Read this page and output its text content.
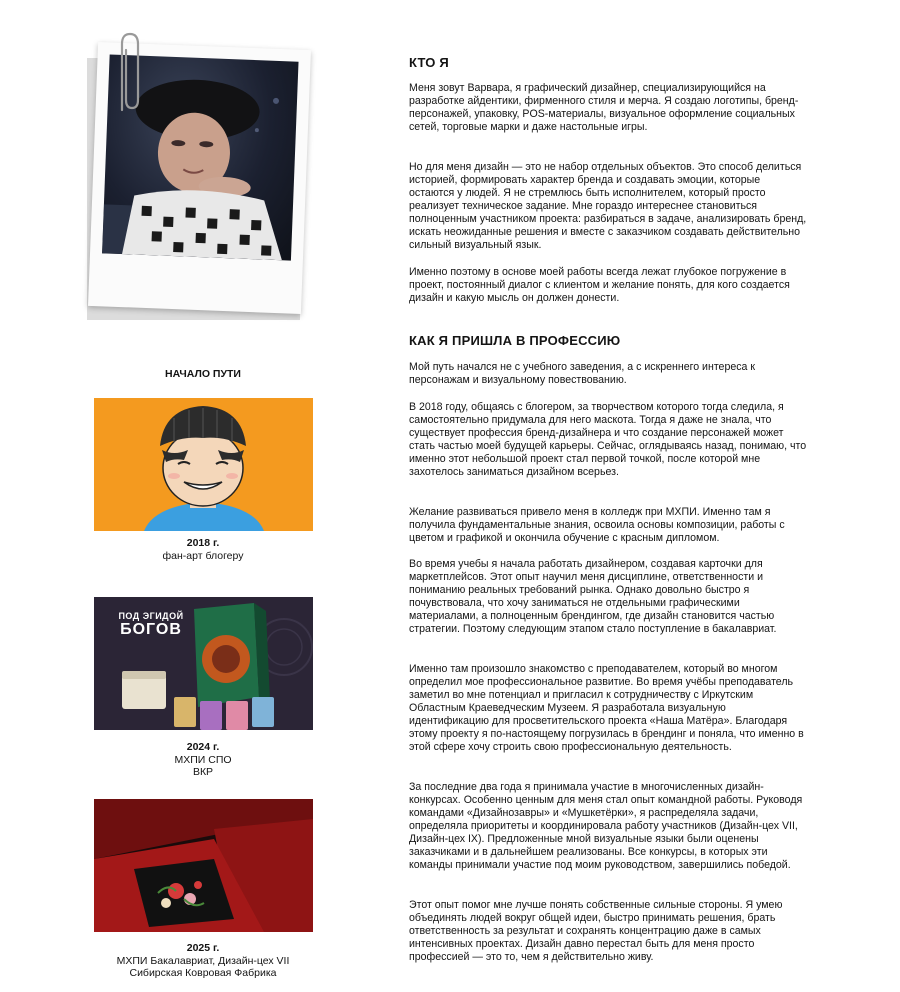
КТО Я

Меня зовут Варвара, я графический дизайнер, специализирующийся на разработке айдентики, фирменного стиля и мерча. Я создаю логотипы, бренд-персонажей, упаковку, POS-материалы, визуальное оформление социальных сетей, торговые марки и даже настольные игры.

Но для меня дизайн — это не набор отдельных объектов. Это способ делиться историей, формировать характер бренда и создавать эмоции, которые остаются у людей. Я не стремлюсь быть исполнителем, который просто реализует техническое задание. Мне гораздо интереснее становиться полноценным участником проекта: разбираться в задаче, анализировать бренд, искать неожиданные решения и вместе с заказчиком создавать действительно сильный визуальный язык.

Именно поэтому в основе моей работы всегда лежат глубокое погружение в проект, постоянный диалог с клиентом и желание понять, для кого создается дизайн и какую мысль он должен донести.

КАК Я ПРИШЛА В ПРОФЕССИЮ

Мой путь начался не с учебного заведения, а с искреннего интереса к персонажам и визуальному повествованию.

В 2018 году, общаясь с блогером, за творчеством которого тогда следила, я самостоятельно придумала для него маскота. Тогда я даже не знала, что существует профессия бренд-дизайнера и что создание персонажей может стать частью моей будущей карьеры. Сейчас, оглядываясь назад, понимаю, что именно этот небольшой проект стал первой точкой, после которой мне захотелось заниматься дизайном всерьез.

Желание развиваться привело меня в колледж при МХПИ. Именно там я получила фундаментальные знания, освоила основы композиции, работы с цветом и графикой и окончила обучение с красным дипломом.

Во время учебы я начала работать дизайнером, создавая карточки для маркетплейсов. Этот опыт научил меня дисциплине, ответственности и пониманию реальных требований рынка. Однако довольно быстро я почувствовала, что хочу заниматься не отдельными графическими материалами, а полноценным брендингом, где дизайн становится частью стратегии. Поэтому следующим этапом стало поступление в бакалавриат.

Именно там произошло знакомство с преподавателем, который во многом определил мое профессиональное развитие. Во время учёбы преподаватель заметил во мне потенциал и пригласил к сотрудничеству с Иркутским Областным Краеведческим Музеем. Я разработала визуальную идентификацию для просветительского проекта «Наша Матёра». Благодаря этому проекту я по-настоящему погрузилась в брендинг и поняла, что именно в этой сфере хочу строить свою профессиональную деятельность.

За последние два года я принимала участие в многочисленных дизайн-конкурсах. Особенно ценным для меня стал опыт командной работы. Руководя командами «Дизайнозавры» и «Мушкетёрки», я распределяла задачи, определяла приоритеты и координировала работу участников (Дизайн-цех VII, Дизайн-цех IX). Предложенные мной визуальные языки были оценены заказчиками и в дальнейшем реализованы. Все конкурсы, в которых эти команды принимали участие под моим руководством, завершились победой.

Этот опыт помог мне лучше понять собственные сильные стороны. Я умею объединять людей вокруг общей идеи, быстро принимать решения, брать ответственность за результат и сохранять концентрацию даже в самых интенсивных проектах. Дизайн давно перестал быть для меня просто профессией — это то, чем я действительно живу.

НАЧАЛО ПУТИ
2018 г.
фан-арт блогеру
ПОД ЭГИДОЙ
БОГОВ
2024 г.
МХПИ СПО
ВКР
2025 г.
МХПИ Бакалавриат, Дизайн-цех VII
Сибирская Ковровая Фабрика
